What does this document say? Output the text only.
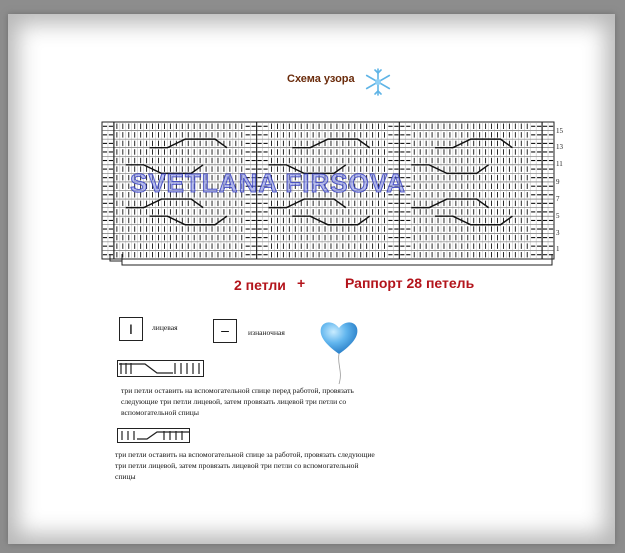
Схема узора
15
13
11
9
7
5
3
1
SVETLANA FIRSOVA
2 петли +	Раппорт 28 петель
I	лицевая	–	изнаночная
три петли оставить на вспомогательной спице перед работой, провязать следующие три петли лицевой, затем провязать лицевой три петли со вспомогательной спицы
три петли оставить на вспомогательной спице за работой, провязать следующие три петли лицевой, затем провязать лицевой три петли со вспомогательной спицы
